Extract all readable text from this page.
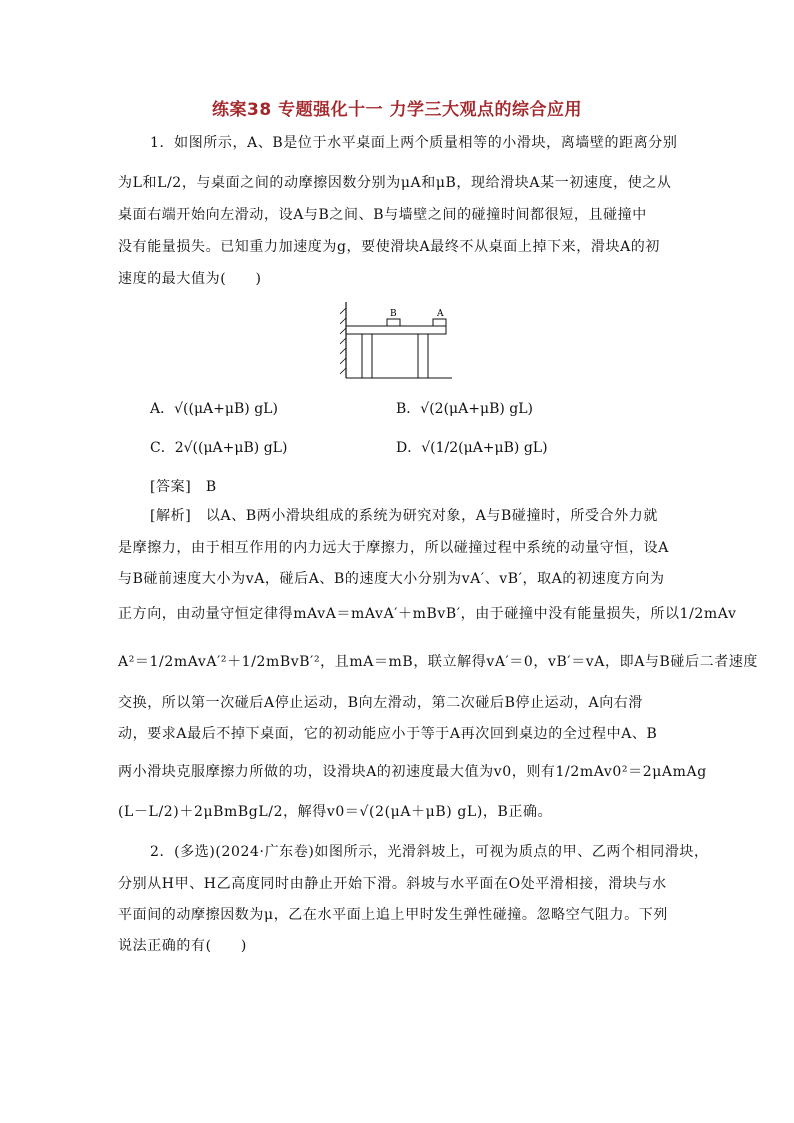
练案38 专题强化十一 力学三大观点的综合应用
1．如图所示，A、B是位于水平桌面上两个质量相等的小滑块，离墙壁的距离分别
为L和L/2，与桌面之间的动摩擦因数分别为μA和μB，现给滑块A某一初速度，使之从
桌面右端开始向左滑动，设A与B之间、B与墙壁之间的碰撞时间都很短，且碰撞中
没有能量损失。已知重力加速度为g，要使滑块A最终不从桌面上掉下来，滑块A的初
速度的最大值为(　　)
B	A
A．√((μA+μB) gL)	B．√(2(μA+μB) gL)
C．2√((μA+μB) gL)	D．√(1/2(μA+μB) gL)
[答案]　B
[解析]　以A、B两小滑块组成的系统为研究对象，A与B碰撞时，所受合外力就
是摩擦力，由于相互作用的内力远大于摩擦力，所以碰撞过程中系统的动量守恒，设A
与B碰前速度大小为vA，碰后A、B的速度大小分别为vA′、vB′，取A的初速度方向为
正方向，由动量守恒定律得mAvA＝mAvA′＋mBvB′，由于碰撞中没有能量损失，所以1/2mAv
A²＝1/2mAvA′²＋1/2mBvB′²，且mA＝mB，联立解得vA′＝0，vB′＝vA，即A与B碰后二者速度
交换，所以第一次碰后A停止运动，B向左滑动，第二次碰后B停止运动，A向右滑
动，要求A最后不掉下桌面，它的初动能应小于等于A再次回到桌边的全过程中A、B
两小滑块克服摩擦力所做的功，设滑块A的初速度最大值为v0，则有1/2mAv0²＝2μAmAg
(L－L/2)＋2μBmBgL/2，解得v0＝√(2(μA＋μB) gL)，B正确。
2．(多选)(2024·广东卷)如图所示，光滑斜坡上，可视为质点的甲、乙两个相同滑块，
分别从H甲、H乙高度同时由静止开始下滑。斜坡与水平面在O处平滑相接，滑块与水
平面间的动摩擦因数为μ，乙在水平面上追上甲时发生弹性碰撞。忽略空气阻力。下列
说法正确的有(　　)
